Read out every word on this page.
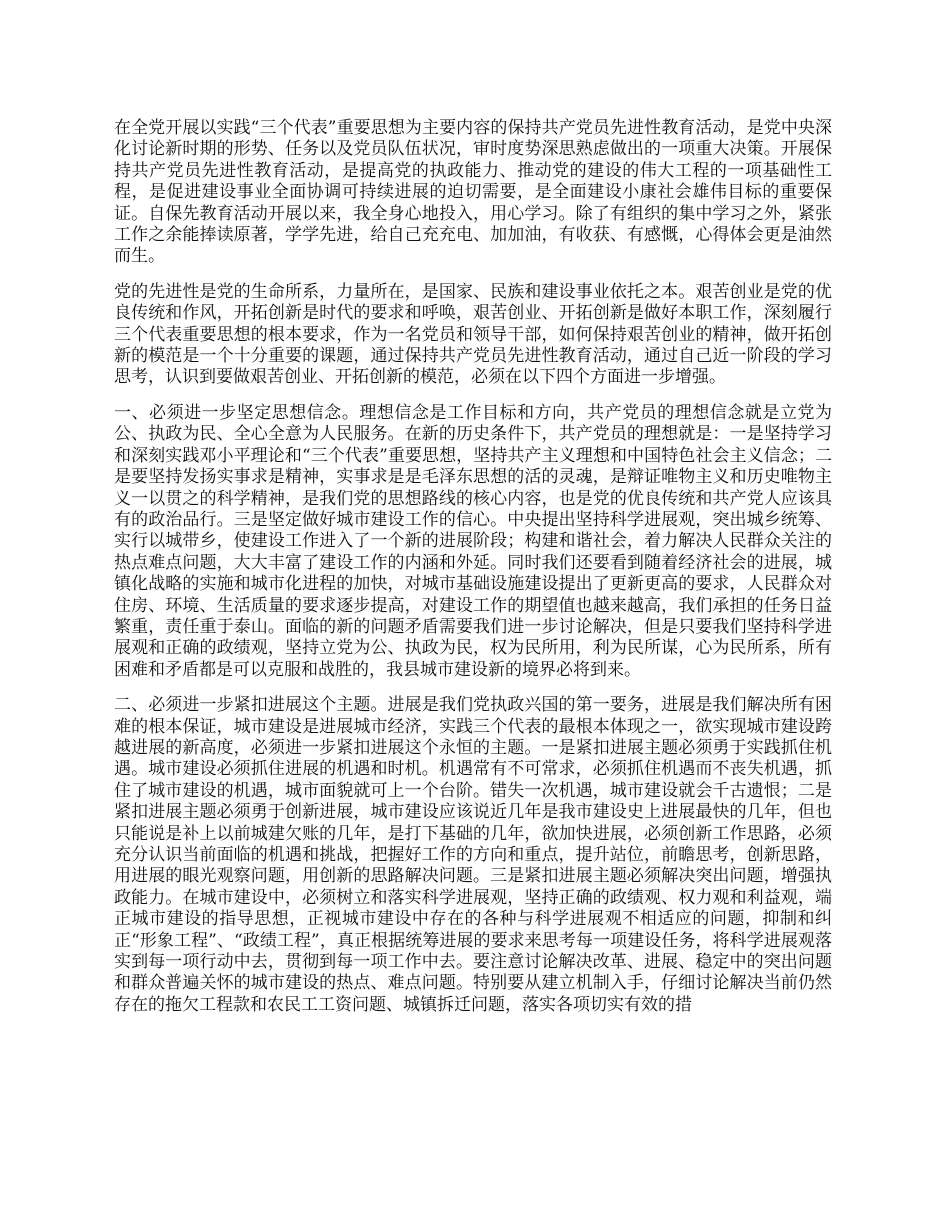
在全党开展以实践“三个代表”重要思想为主要内容的保持共产党员先进性教育活动，是党中央深化讨论新时期的形势、任务以及党员队伍状况，审时度势深思熟虑做出的一项重大决策。开展保持共产党员先进性教育活动，是提高党的执政能力、推动党的建设的伟大工程的一项基础性工程，是促进建设事业全面协调可持续进展的迫切需要，是全面建设小康社会雄伟目标的重要保证。自保先教育活动开展以来，我全身心地投入，用心学习。除了有组织的集中学习之外，紧张工作之余能捧读原著，学学先进，给自己充充电、加加油，有收获、有感慨，心得体会更是油然而生。

党的先进性是党的生命所系，力量所在，是国家、民族和建设事业依托之本。艰苦创业是党的优良传统和作风，开拓创新是时代的要求和呼唤，艰苦创业、开拓创新是做好本职工作，深刻履行三个代表重要思想的根本要求，作为一名党员和领导干部，如何保持艰苦创业的精神，做开拓创新的模范是一个十分重要的课题，通过保持共产党员先进性教育活动，通过自己近一阶段的学习思考，认识到要做艰苦创业、开拓创新的模范，必须在以下四个方面进一步增强。

一、必须进一步坚定思想信念。理想信念是工作目标和方向，共产党员的理想信念就是立党为公、执政为民、全心全意为人民服务。在新的历史条件下，共产党员的理想就是：一是坚持学习和深刻实践邓小平理论和“三个代表”重要思想，坚持共产主义理想和中国特色社会主义信念；二是要坚持发扬实事求是精神，实事求是是毛泽东思想的活的灵魂，是辩证唯物主义和历史唯物主义一以贯之的科学精神，是我们党的思想路线的核心内容，也是党的优良传统和共产党人应该具有的政治品行。三是坚定做好城市建设工作的信心。中央提出坚持科学进展观，突出城乡统筹、实行以城带乡，使建设工作进入了一个新的进展阶段；构建和谐社会，着力解决人民群众关注的热点难点问题，大大丰富了建设工作的内涵和外延。同时我们还要看到随着经济社会的进展，城镇化战略的实施和城市化进程的加快，对城市基础设施建设提出了更新更高的要求，人民群众对住房、环境、生活质量的要求逐步提高，对建设工作的期望值也越来越高，我们承担的任务日益繁重，责任重于泰山。面临的新的问题矛盾需要我们进一步讨论解决，但是只要我们坚持科学进展观和正确的政绩观，坚持立党为公、执政为民，权为民所用，利为民所谋，心为民所系，所有困难和矛盾都是可以克服和战胜的，我县城市建设新的境界必将到来。

二、必须进一步紧扣进展这个主题。进展是我们党执政兴国的第一要务，进展是我们解决所有困难的根本保证，城市建设是进展城市经济，实践三个代表的最根本体现之一，欲实现城市建设跨越进展的新高度，必须进一步紧扣进展这个永恒的主题。一是紧扣进展主题必须勇于实践抓住机遇。城市建设必须抓住进展的机遇和时机。机遇常有不可常求，必须抓住机遇而不丧失机遇，抓住了城市建设的机遇，城市面貌就可上一个台阶。错失一次机遇，城市建设就会千古遗恨；二是紧扣进展主题必须勇于创新进展，城市建设应该说近几年是我市建设史上进展最快的几年，但也只能说是补上以前城建欠账的几年，是打下基础的几年，欲加快进展，必须创新工作思路，必须充分认识当前面临的机遇和挑战，把握好工作的方向和重点，提升站位，前瞻思考，创新思路，用进展的眼光观察问题，用创新的思路解决问题。三是紧扣进展主题必须解决突出问题，增强执政能力。在城市建设中，必须树立和落实科学进展观，坚持正确的政绩观、权力观和利益观，端正城市建设的指导思想，正视城市建设中存在的各种与科学进展观不相适应的问题，抑制和纠正“形象工程”、“政绩工程”，真正根据统筹进展的要求来思考每一项建设任务，将科学进展观落实到每一项行动中去，贯彻到每一项工作中去。要注意讨论解决改革、进展、稳定中的突出问题和群众普遍关怀的城市建设的热点、难点问题。特别要从建立机制入手，仔细讨论解决当前仍然存在的拖欠工程款和农民工工资问题、城镇拆迁问题，落实各项切实有效的措
